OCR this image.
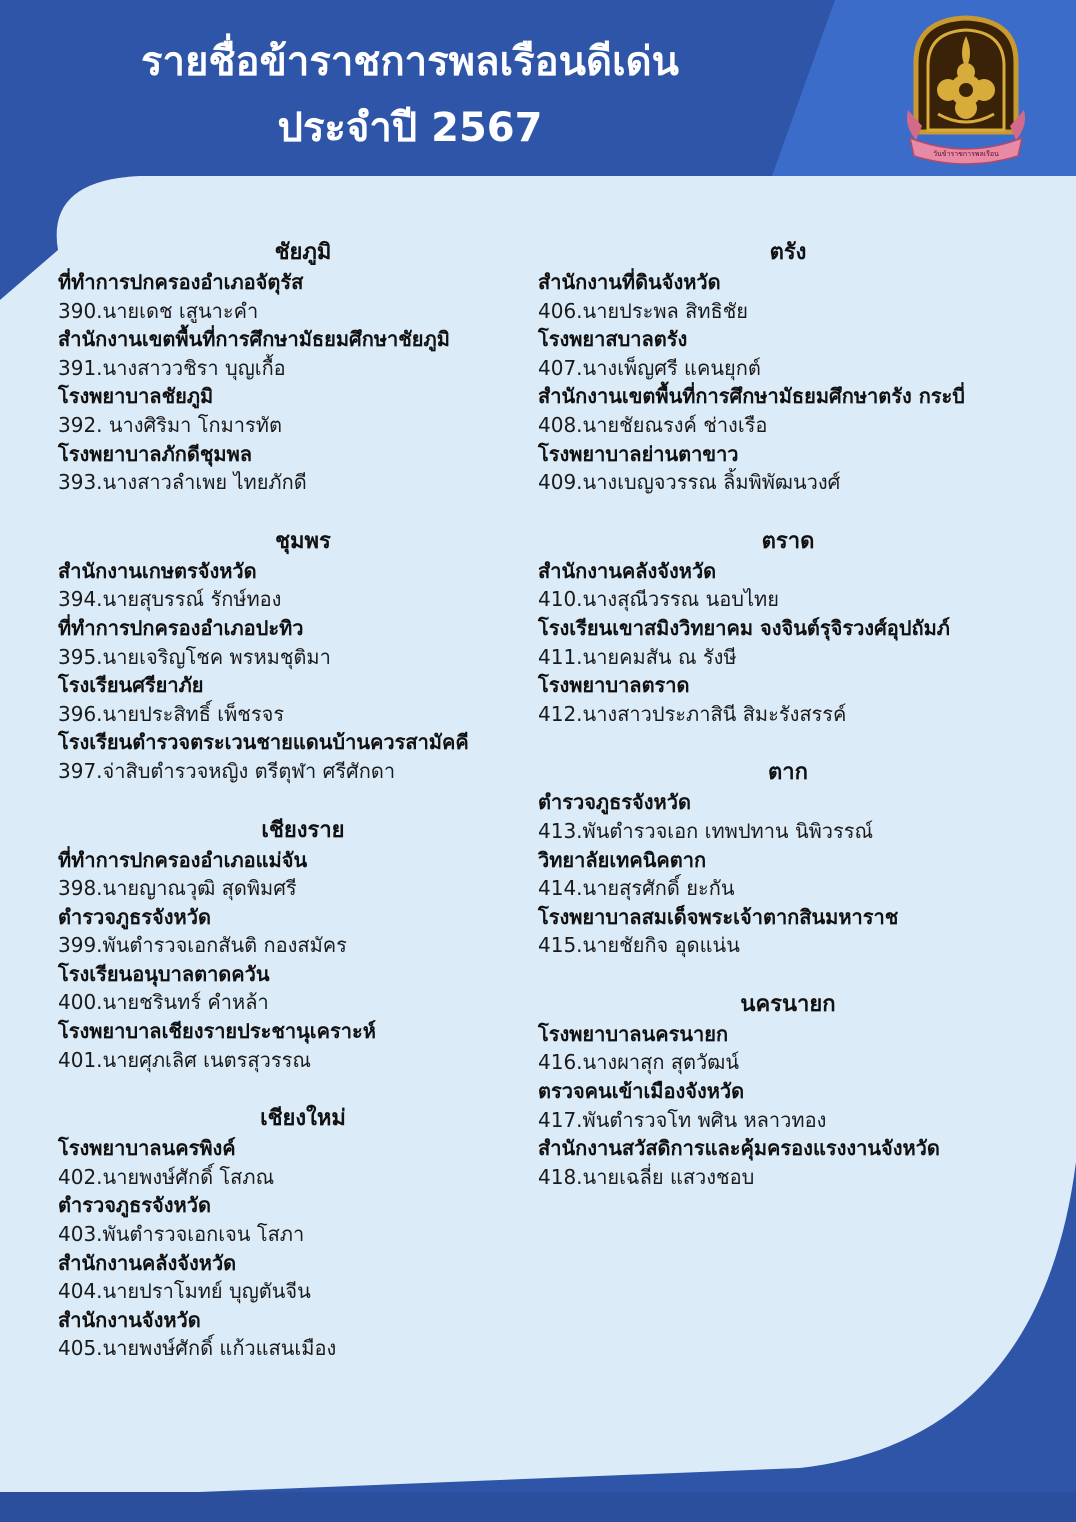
รายชื่อข้าราชการพลเรือนดีเด่น
ประจำปี 2567
วันข้าราชการพลเรือน

ชัยภูมิ

ที่ทำการปกครองอำเภอจัตุรัส

390.นายเดช เสูนาะคำ

สำนักงานเขตพื้นที่การศึกษามัธยมศึกษาชัยภูมิ

391.นางสาววชิรา บุญเกื้อ

โรงพยาบาลชัยภูมิ

392. นางศิริมา โกมารทัต

โรงพยาบาลภักดีชุมพล

393.นางสาวลำเพย ไทยภักดี

ชุมพร

สำนักงานเกษตรจังหวัด

394.นายสุบรรณ์ รักษ์ทอง

ที่ทำการปกครองอำเภอปะทิว

395.นายเจริญโชค พรหมชุติมา

โรงเรียนศรียาภัย

396.นายประสิทธิ์ เพ็ชรจร

โรงเรียนตำรวจตระเวนชายแดนบ้านควรสามัคคี

397.จ่าสิบตำรวจหญิง ตรีตุฬา ศรีศักดา

เชียงราย

ที่ทำการปกครองอำเภอแม่จัน

398.นายญาณวุฒิ สุดพิมศรี

ตำรวจภูธรจังหวัด

399.พันตำรวจเอกสันติ กองสมัคร

โรงเรียนอนุบาลตาดควัน

400.นายชรินทร์ คำหล้า

โรงพยาบาลเชียงรายประชานุเคราะห์

401.นายศุภเลิศ เนตรสุวรรณ

เชียงใหม่

โรงพยาบาลนครพิงค์

402.นายพงษ์ศักดิ์ โสภณ

ตำรวจภูธรจังหวัด

403.พันตำรวจเอกเจน โสภา

สำนักงานคลังจังหวัด

404.นายปราโมทย์ บุญตันจีน

สำนักงานจังหวัด

405.นายพงษ์ศักดิ์ แก้วแสนเมือง

ตรัง

สำนักงานที่ดินจังหวัด

406.นายประพล สิทธิชัย

โรงพยาสบาลตรัง

407.นางเพ็ญศรี แคนยุกต์

สำนักงานเขตพื้นที่การศึกษามัธยมศึกษาตรัง กระบี่

408.นายชัยณรงค์ ช่างเรือ

โรงพยาบาลย่านตาขาว

409.นางเบญจวรรณ ลิ้มพิพัฒนวงศ์

ตราด

สำนักงานคลังจังหวัด

410.นางสุณีวรรณ นอบไทย

โรงเรียนเขาสมิงวิทยาคม จงจินต์รุจิรวงศ์อุปถัมภ์

411.นายคมสัน ณ รังษี

โรงพยาบาลตราด

412.นางสาวประภาสินี สิมะรังสรรค์

ตาก

ตำรวจภูธรจังหวัด

413.พันตำรวจเอก เทพปทาน นิพิวรรณ์

วิทยาลัยเทคนิคตาก

414.นายสุรศักดิ์ ยะกัน

โรงพยาบาลสมเด็จพระเจ้าตากสินมหาราช

415.นายชัยกิจ อุดแน่น

นครนายก

โรงพยาบาลนครนายก

416.นางผาสุก สุตวัฒน์

ตรวจคนเข้าเมืองจังหวัด

417.พันตำรวจโท พศิน หลาวทอง

สำนักงานสวัสดิการและคุ้มครองแรงงานจังหวัด

418.นายเฉลี่ย แสวงชอบ
